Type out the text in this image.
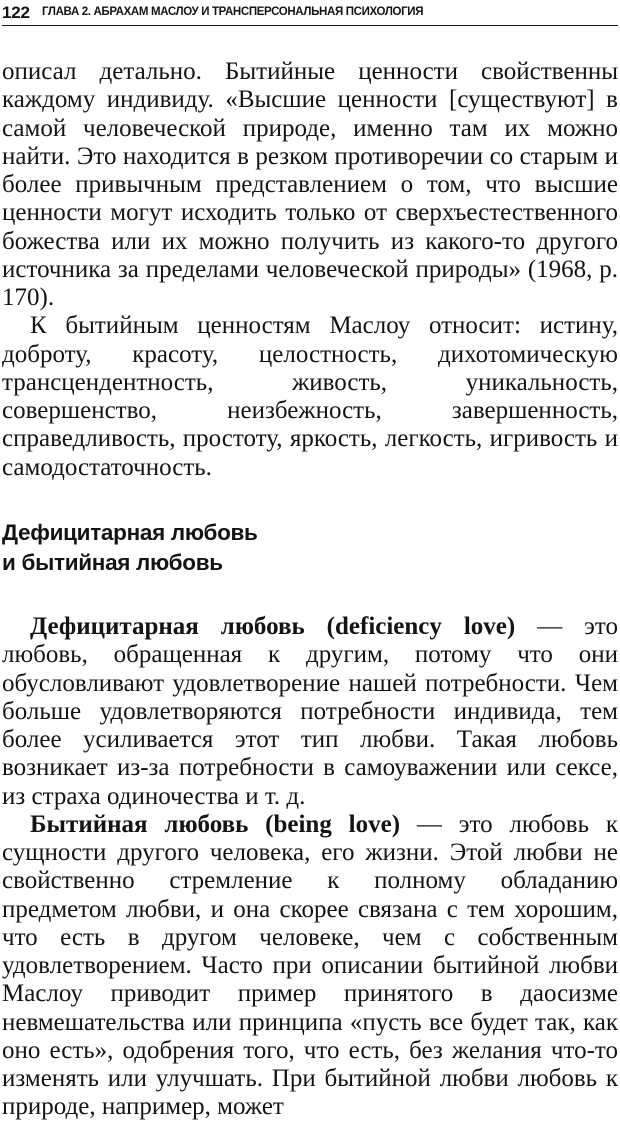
122 ГЛАВА 2. АБРАХАМ МАСЛОУ И ТРАНСПЕРСОНАЛЬНАЯ ПСИХОЛОГИЯ

описал детально. Бытийные ценности свойственны каждому индивиду. «Высшие ценности [существуют] в самой человеческой природе, именно там их можно найти. Это находится в резком противоречии со старым и более привычным представлением о том, что высшие ценности могут исходить только от сверхъестественного божества или их можно получить из какого-то другого источника за пределами человеческой природы» (1968, р. 170).

К бытийным ценностям Маслоу относит: истину, доброту, красоту, целостность, дихотомическую трансцендентность, живость, уникальность, совершенство, неизбежность, завершенность, справедливость, простоту, яркость, легкость, игривость и самодостаточность.

Дефицитарная любовь
и бытийная любовь

Дефицитарная любовь (deficiency love) — это любовь, обращенная к другим, потому что они обусловливают удовлетворение нашей потребности. Чем больше удовлетворяются потребности индивида, тем более усиливается этот тип любви. Такая любовь возникает из-за потребности в самоуважении или сексе, из страха одиночества и т. д.

Бытийная любовь (being love) — это любовь к сущности другого человека, его жизни. Этой любви не свойственно стремление к полному обладанию предметом любви, и она скорее связана с тем хорошим, что есть в другом человеке, чем с собственным удовлетворением. Часто при описании бытийной любви Маслоу приводит пример принятого в даосизме невмешательства или принципа «пусть все будет так, как оно есть», одобрения того, что есть, без желания что-то изменять или улучшать. При бытийной любви любовь к природе, например, может
